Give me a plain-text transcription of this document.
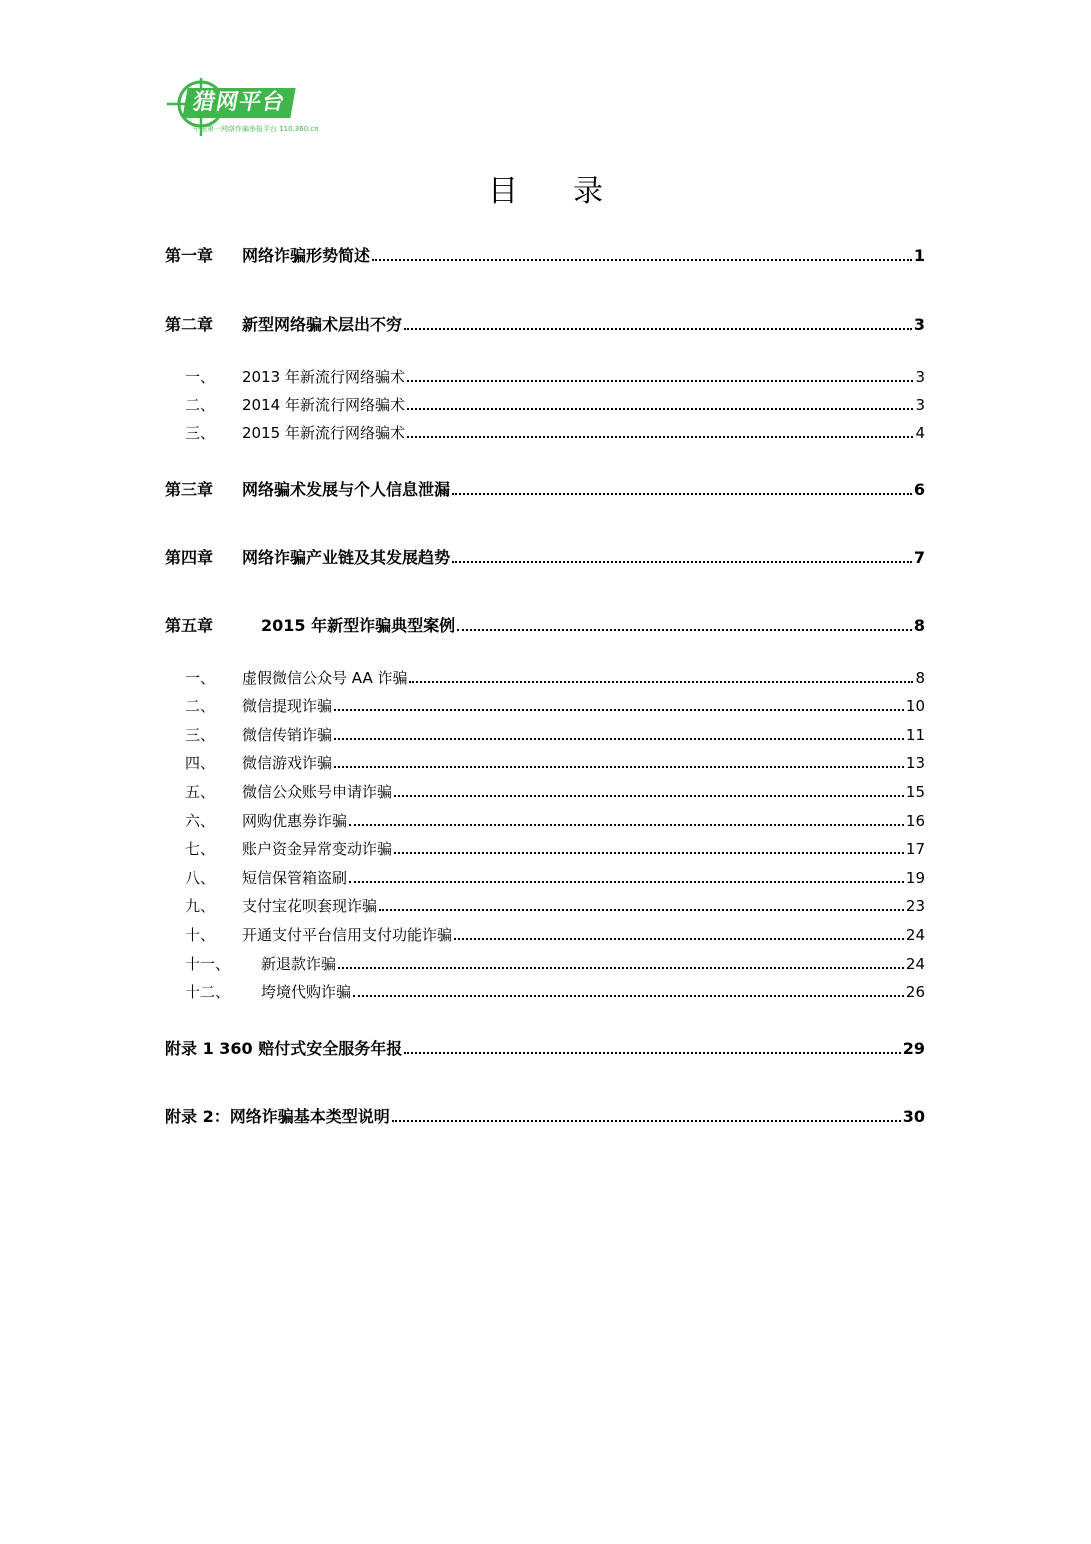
猎网平台
中国第一网络诈骗举报平台 110.360.cn
目录
第一章	网络诈骗形势简述	1
第二章	新型网络骗术层出不穷	3
一、	2013 年新流行网络骗术	3
二、	2014 年新流行网络骗术	3
三、	2015 年新流行网络骗术	4
第三章	网络骗术发展与个人信息泄漏	6
第四章	网络诈骗产业链及其发展趋势	7
第五章	2015 年新型诈骗典型案例	8
一、	虚假微信公众号 AA 诈骗	8
二、	微信提现诈骗	10
三、	微信传销诈骗	11
四、	微信游戏诈骗	13
五、	微信公众账号申请诈骗	15
六、	网购优惠券诈骗	16
七、	账户资金异常变动诈骗	17
八、	短信保管箱盗刷	19
九、	支付宝花呗套现诈骗	23
十、	开通支付平台信用支付功能诈骗	24
十一、	新退款诈骗	24
十二、	垮境代购诈骗	26
附录 1 360 赔付式安全服务年报	29
附录 2：网络诈骗基本类型说明	30
